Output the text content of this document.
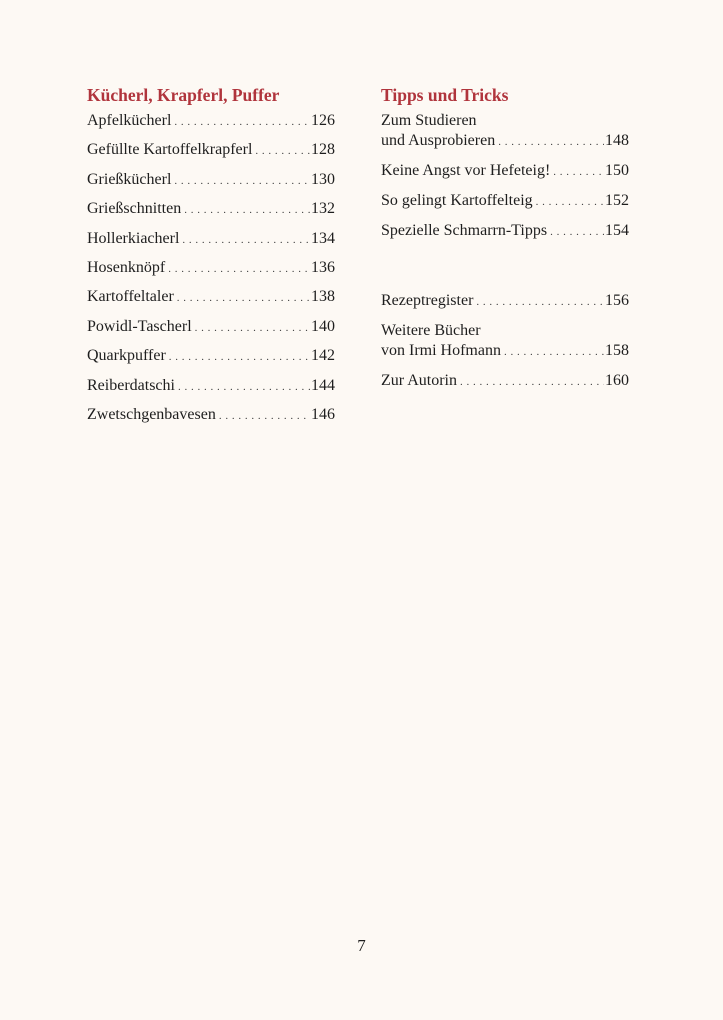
Kücherl, Krapferl, Puffer
Apfelkücherl . . .	126
Gefüllte Kartoffelkrapferl . . .	128
Grießkücherl . . .	130
Grießschnitten . . .	132
Hollerkiacherl . . .	134
Hosenknöpf . . .	136
Kartoffeltaler . . .	138
Powidl-Tascherl . . .	140
Quarkpuffer . . .	142
Reiberdatschi . . .	144
Zwetschgenbavesen . . .	146
Tipps und Tricks
Zum Studieren
und Ausprobieren . . .	148
Keine Angst vor Hefeteig! . . .	150
So gelingt Kartoffelteig . . .	152
Spezielle Schmarrn-Tipps . . .	154
Rezeptregister . . .	156
Weitere Bücher
von Irmi Hofmann . . .	158
Zur Autorin . . .	160
7
